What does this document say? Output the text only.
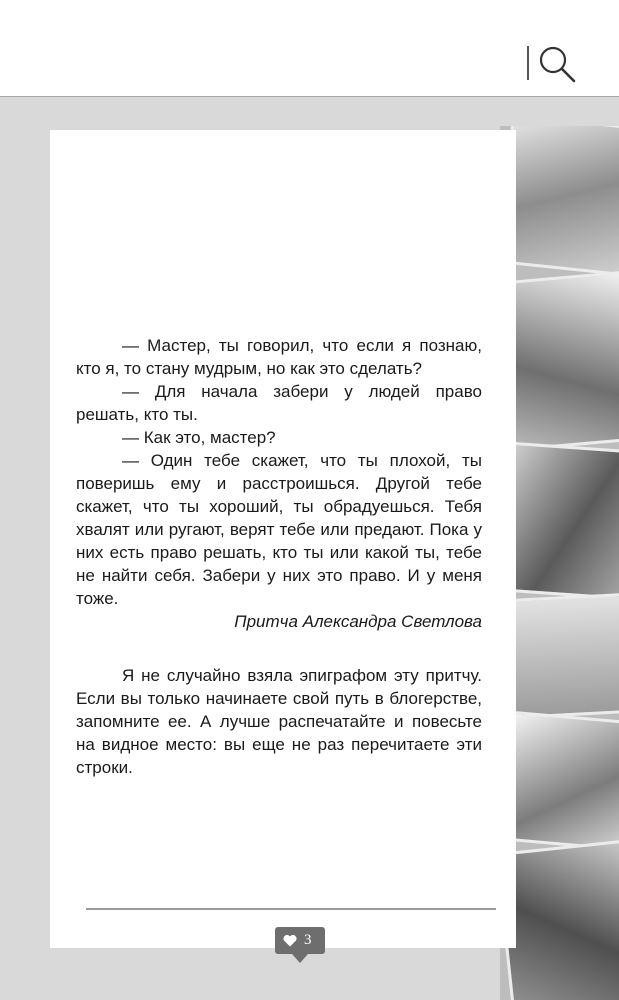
— Мастер, ты говорил, что если я познаю, кто я, то стану мудрым, но как это сделать?

— Для начала забери у людей право решать, кто ты.

— Как это, мастер?

— Один тебе скажет, что ты плохой, ты поверишь ему и расстроишься. Другой тебе скажет, что ты хороший, ты обрадуешься. Тебя хвалят или ругают, верят тебе или предают. Пока у них есть право решать, кто ты или какой ты, тебе не найти себя. Забери у них это право. И у меня тоже.

Притча Александра Светлова

Я не случайно взяла эпиграфом эту притчу. Если вы только начинаете свой путь в блогерстве, запомните ее. А лучше распечатайте и повесьте на видное место: вы еще не раз перечитаете эти строки.

3
